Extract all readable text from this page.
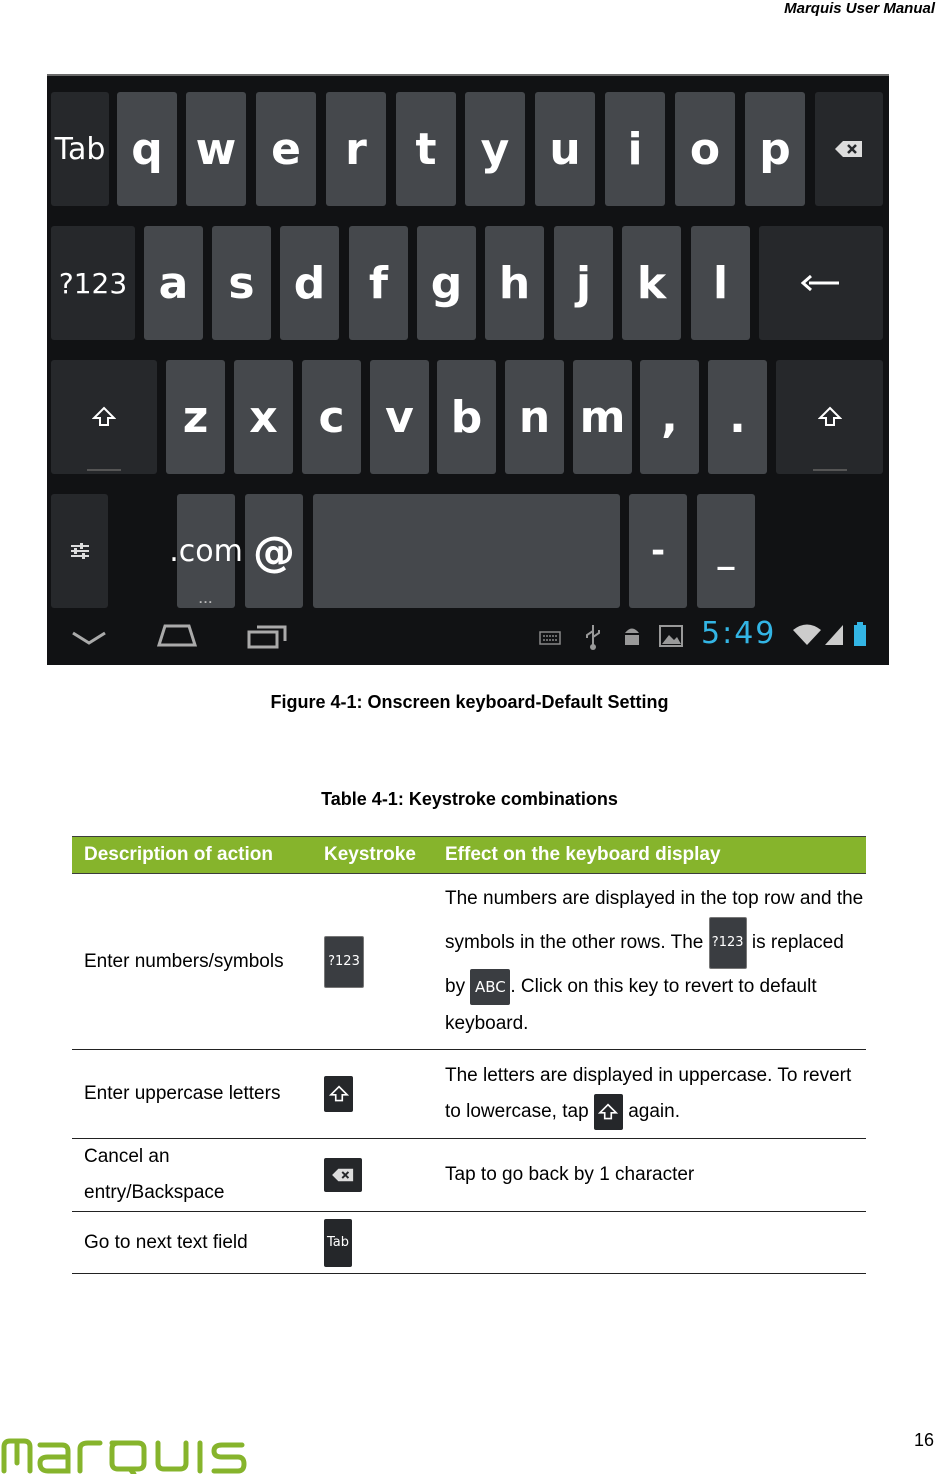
Marquis User Manual
Tab q w e	r	t	y u	i	o p
?123 a s d f g h	j	k	l
z x c v b n m ,	.
.com
...
@	- _
5:49
Figure 4-1: Onscreen keyboard-Default Setting
Table 4-1: Keystroke combinations
Description of action	Keystroke	Effect on the keyboard display
Enter numbers/symbols	?123	The numbers are displayed in the top row and the symbols in the other rows. The ?123 is replaced by ABC . Click on this key to revert to default keyboard.
Enter uppercase letters		The letters are displayed in uppercase. To revert to lowercase, tap
again.
Cancel an entry/Backspace		Tap to go back by 1 character
Go to next text field	Tab	
16
